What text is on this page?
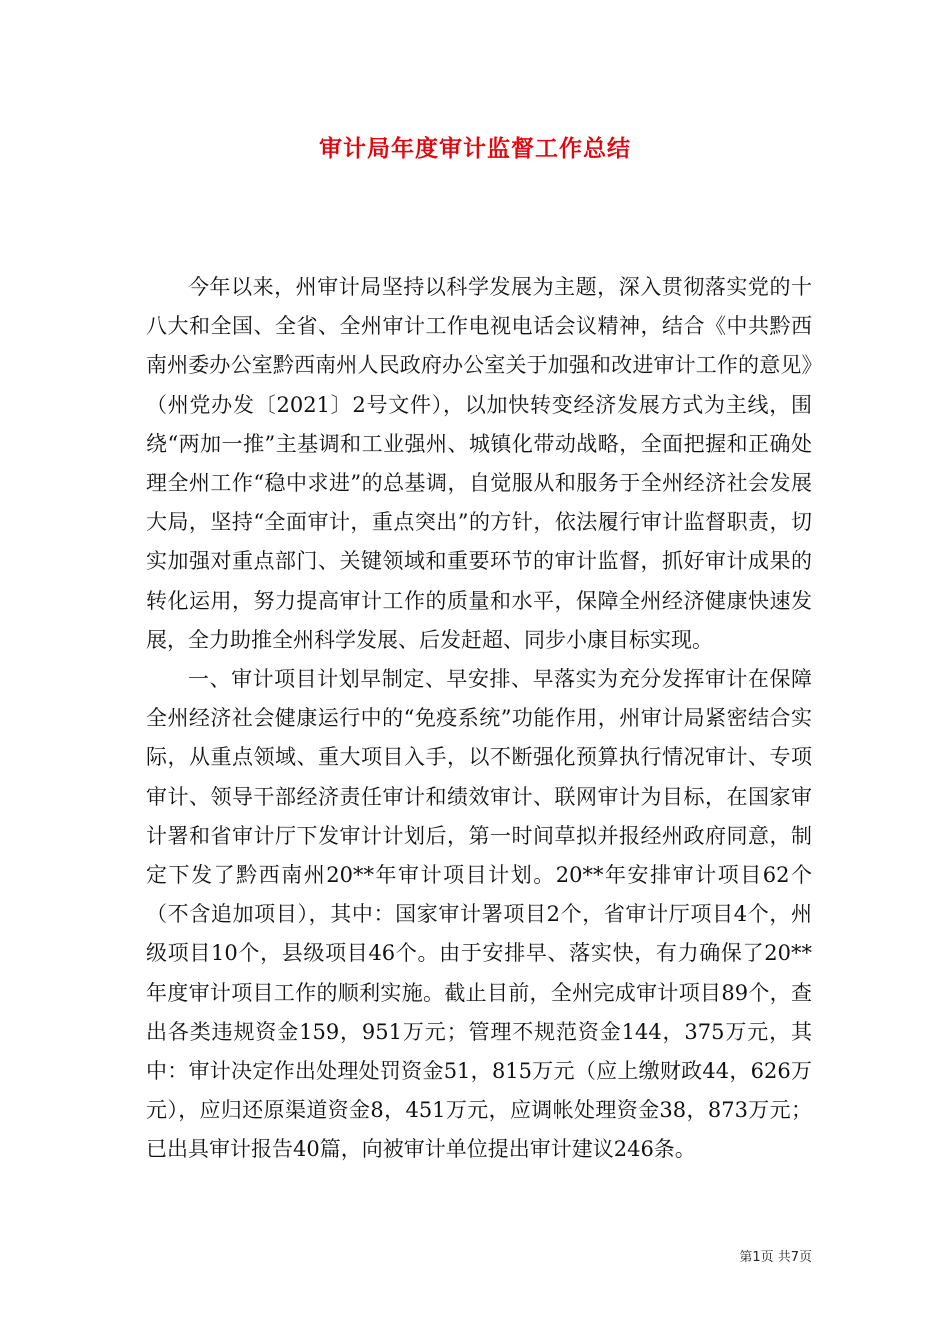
审计局年度审计监督工作总结

今年以来，州审计局坚持以科学发展为主题，深入贯彻落实党的十八大和全国、全省、全州审计工作电视电话会议精神，结合《中共黔西南州委办公室黔西南州人民政府办公室关于加强和改进审计工作的意见》（州党办发〔2021〕2号文件），以加快转变经济发展方式为主线，围绕“两加一推”主基调和工业强州、城镇化带动战略，全面把握和正确处理全州工作“稳中求进”的总基调，自觉服从和服务于全州经济社会发展大局，坚持“全面审计，重点突出”的方针，依法履行审计监督职责，切实加强对重点部门、关键领域和重要环节的审计监督，抓好审计成果的转化运用，努力提高审计工作的质量和水平，保障全州经济健康快速发展，全力助推全州科学发展、后发赶超、同步小康目标实现。

一、审计项目计划早制定、早安排、早落实为充分发挥审计在保障全州经济社会健康运行中的“免疫系统”功能作用，州审计局紧密结合实际，从重点领域、重大项目入手，以不断强化预算执行情况审计、专项审计、领导干部经济责任审计和绩效审计、联网审计为目标，在国家审计署和省审计厅下发审计计划后，第一时间草拟并报经州政府同意，制定下发了黔西南州20**年审计项目计划。20**年安排审计项目62个（不含追加项目），其中：国家审计署项目2个，省审计厅项目4个，州级项目10个，县级项目46个。由于安排早、落实快，有力确保了20**年度审计项目工作的顺利实施。截止目前，全州完成审计项目89个，查出各类违规资金159，951万元；管理不规范资金144，375万元，其中：审计决定作出处理处罚资金51，815万元（应上缴财政44，626万元），应归还原渠道资金8，451万元，应调帐处理资金38，873万元；已出具审计报告40篇，向被审计单位提出审计建议246条。

第1页 共7页
